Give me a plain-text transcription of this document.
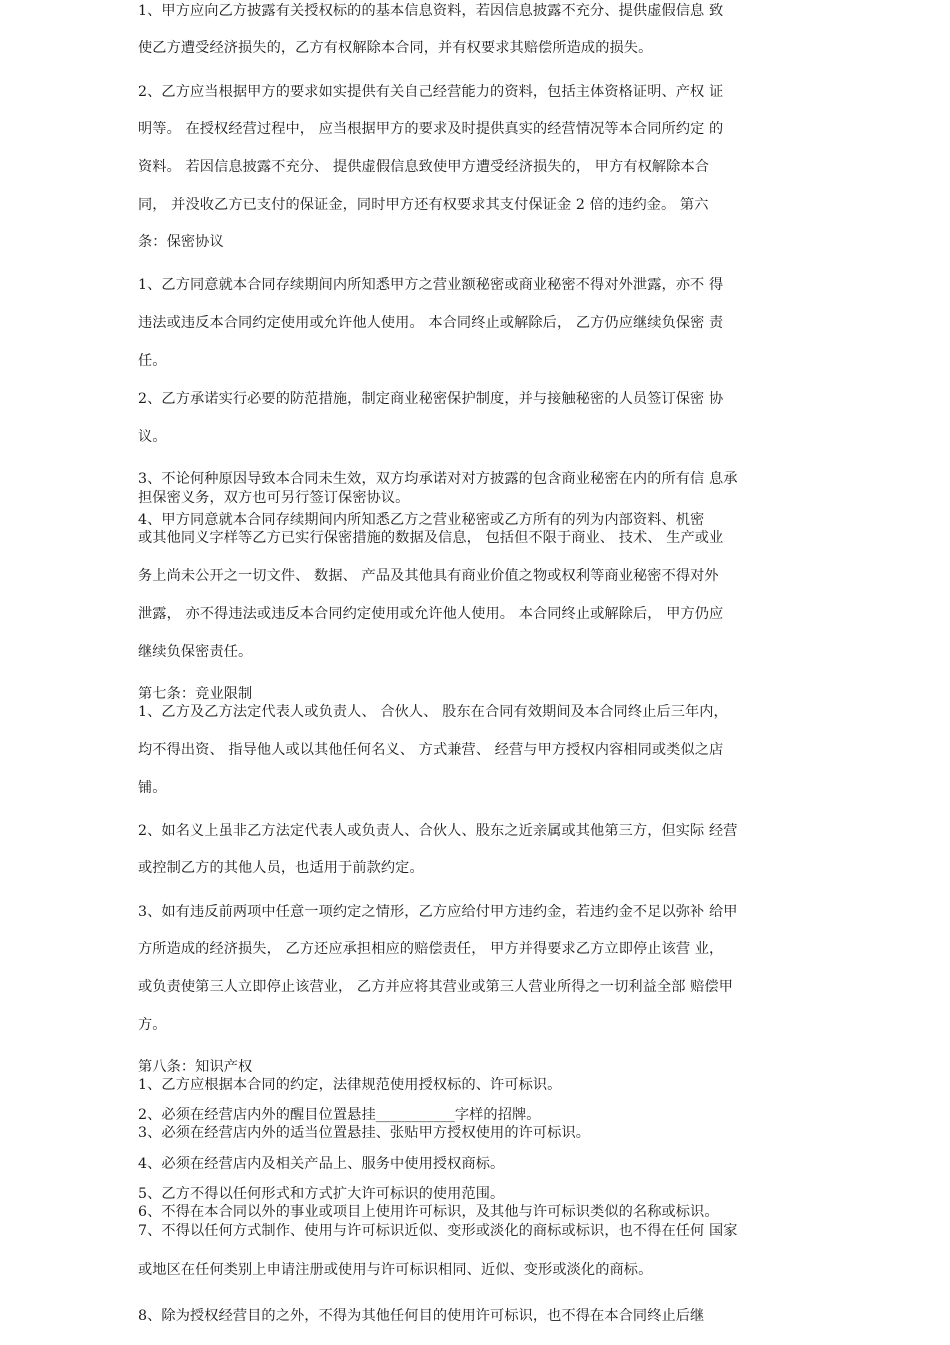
1、甲方应向乙方披露有关授权标的的基本信息资料，若因信息披露不充分、提供虚假信息 致
使乙方遭受经济损失的，乙方有权解除本合同，并有权要求其赔偿所造成的损失。
2、乙方应当根据甲方的要求如实提供有关自己经营能力的资料，包括主体资格证明、产权 证
明等。 在授权经营过程中， 应当根据甲方的要求及时提供真实的经营情况等本合同所约定 的
资料。 若因信息披露不充分、 提供虚假信息致使甲方遭受经济损失的， 甲方有权解除本合
同， 并没收乙方已支付的保证金，同时甲方还有权要求其支付保证金 2 倍的违约金。 第六
条：保密协议
1、乙方同意就本合同存续期间内所知悉甲方之营业额秘密或商业秘密不得对外泄露，亦不 得
违法或违反本合同约定使用或允许他人使用。 本合同终止或解除后， 乙方仍应继续负保密 责
任。
2、乙方承诺实行必要的防范措施，制定商业秘密保护制度，并与接触秘密的人员签订保密 协
议。
3、不论何种原因导致本合同未生效，双方均承诺对对方披露的包含商业秘密在内的所有信 息承
担保密义务，双方也可另行签订保密协议。
4、甲方同意就本合同存续期间内所知悉乙方之营业秘密或乙方所有的列为内部资料、机密
或其他同义字样等乙方已实行保密措施的数据及信息， 包括但不限于商业、 技术、 生产或业
务上尚未公开之一切文件、 数据、 产品及其他具有商业价值之物或权利等商业秘密不得对外
泄露， 亦不得违法或违反本合同约定使用或允许他人使用。 本合同终止或解除后， 甲方仍应
继续负保密责任。
第七条：竞业限制
1、乙方及乙方法定代表人或负责人、 合伙人、 股东在合同有效期间及本合同终止后三年内，
均不得出资、 指导他人或以其他任何名义、 方式兼营、 经营与甲方授权内容相同或类似之店
铺。
2、如名义上虽非乙方法定代表人或负责人、合伙人、股东之近亲属或其他第三方，但实际 经营
或控制乙方的其他人员，也适用于前款约定。
3、如有违反前两项中任意一项约定之情形，乙方应给付甲方违约金，若违约金不足以弥补 给甲
方所造成的经济损失， 乙方还应承担相应的赔偿责任， 甲方并得要求乙方立即停止该营 业，
或负责使第三人立即停止该营业， 乙方并应将其营业或第三人营业所得之一切利益全部 赔偿甲
方。
第八条：知识产权
1、乙方应根据本合同的约定，法律规范使用授权标的、许可标识。
2、必须在经营店内外的醒目位置悬挂___________字样的招牌。
3、必须在经营店内外的适当位置悬挂、张贴甲方授权使用的许可标识。
4、必须在经营店内及相关产品上、服务中使用授权商标。
5、乙方不得以任何形式和方式扩大许可标识的使用范围。
6、不得在本合同以外的事业或项目上使用许可标识，及其他与许可标识类似的名称或标识。
7、不得以任何方式制作、使用与许可标识近似、变形或淡化的商标或标识，也不得在任何 国家
或地区在任何类别上申请注册或使用与许可标识相同、近似、变形或淡化的商标。
8、除为授权经营目的之外，不得为其他任何目的使用许可标识，也不得在本合同终止后继
